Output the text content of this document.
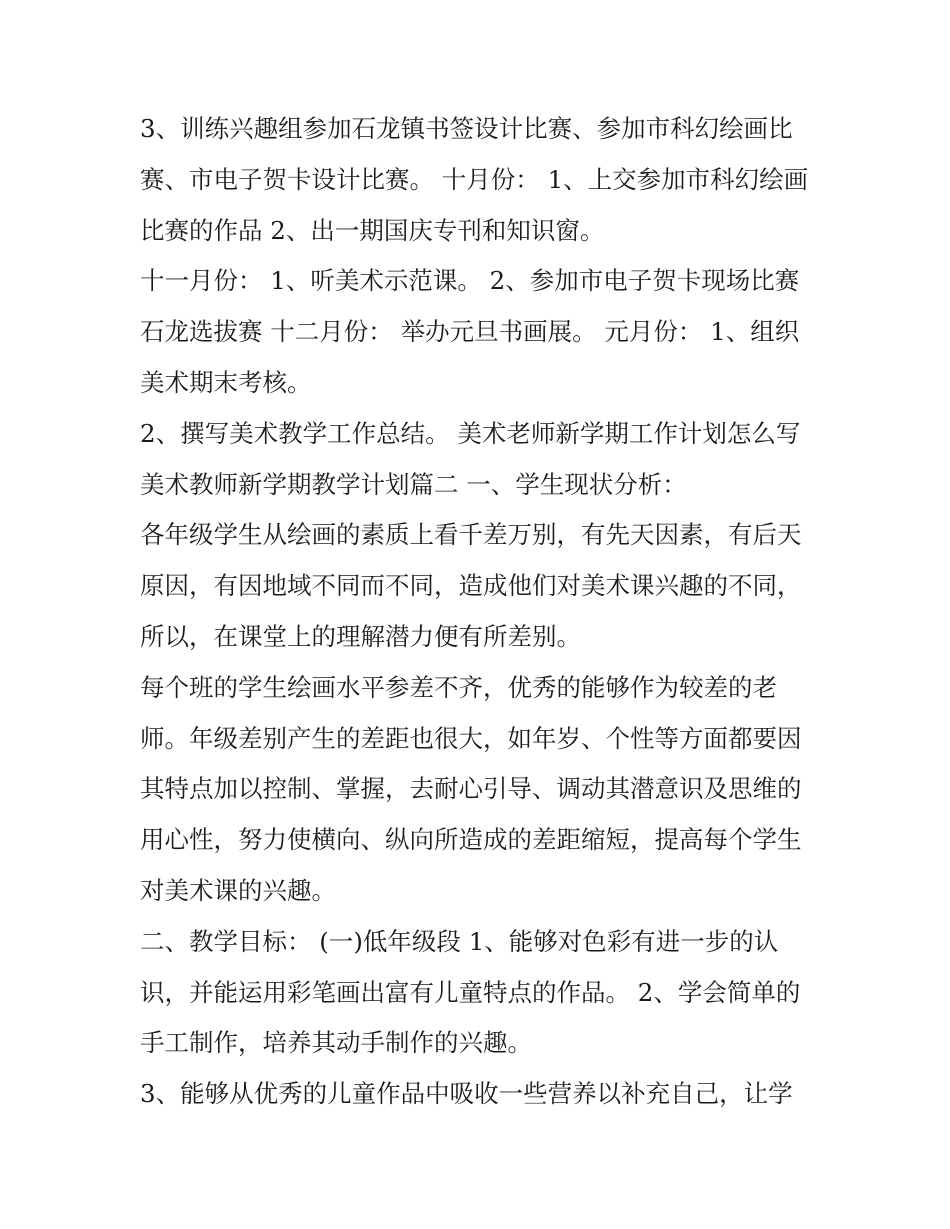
3、训练兴趣组参加石龙镇书签设计比赛、参加市科幻绘画比
赛、市电子贺卡设计比赛。 十月份： 1、上交参加市科幻绘画
比赛的作品 2、出一期国庆专刊和知识窗。
十一月份： 1、听美术示范课。 2、参加市电子贺卡现场比赛
石龙选拔赛 十二月份： 举办元旦书画展。 元月份： 1、组织
美术期末考核。
2、撰写美术教学工作总结。 美术老师新学期工作计划怎么写
美术教师新学期教学计划篇二 一、学生现状分析：
各年级学生从绘画的素质上看千差万别，有先天因素，有后天
原因，有因地域不同而不同，造成他们对美术课兴趣的不同，
所以，在课堂上的理解潜力便有所差别。
每个班的学生绘画水平参差不齐，优秀的能够作为较差的老
师。年级差别产生的差距也很大，如年岁、个性等方面都要因
其特点加以控制、掌握，去耐心引导、调动其潜意识及思维的
用心性，努力使横向、纵向所造成的差距缩短，提高每个学生
对美术课的兴趣。
二、教学目标： (一)低年级段 1、能够对色彩有进一步的认
识，并能运用彩笔画出富有儿童特点的作品。 2、学会简单的
手工制作，培养其动手制作的兴趣。
3、能够从优秀的儿童作品中吸收一些营养以补充自己，让学
